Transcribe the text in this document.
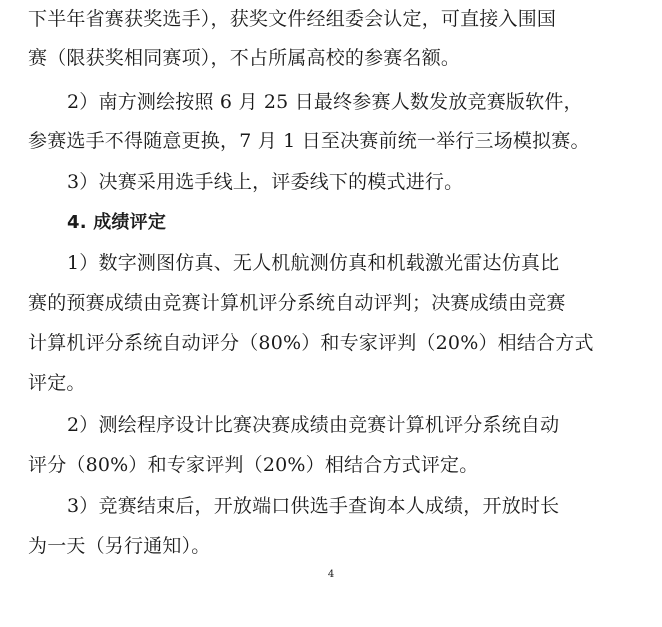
下半年省赛获奖选手），获奖文件经组委会认定，可直接入围国
赛（限获奖相同赛项），不占所属高校的参赛名额。
2）南方测绘按照 6 月 25 日最终参赛人数发放竞赛版软件，
参赛选手不得随意更换，7 月 1 日至决赛前统一举行三场模拟赛。
3）决赛采用选手线上，评委线下的模式进行。
4. 成绩评定
1）数字测图仿真、无人机航测仿真和机载激光雷达仿真比
赛的预赛成绩由竞赛计算机评分系统自动评判；决赛成绩由竞赛
计算机评分系统自动评分（80%）和专家评判（20%）相结合方式
评定。
2）测绘程序设计比赛决赛成绩由竞赛计算机评分系统自动
评分（80%）和专家评判（20%）相结合方式评定。
3）竞赛结束后，开放端口供选手查询本人成绩，开放时长
为一天（另行通知）。
4
